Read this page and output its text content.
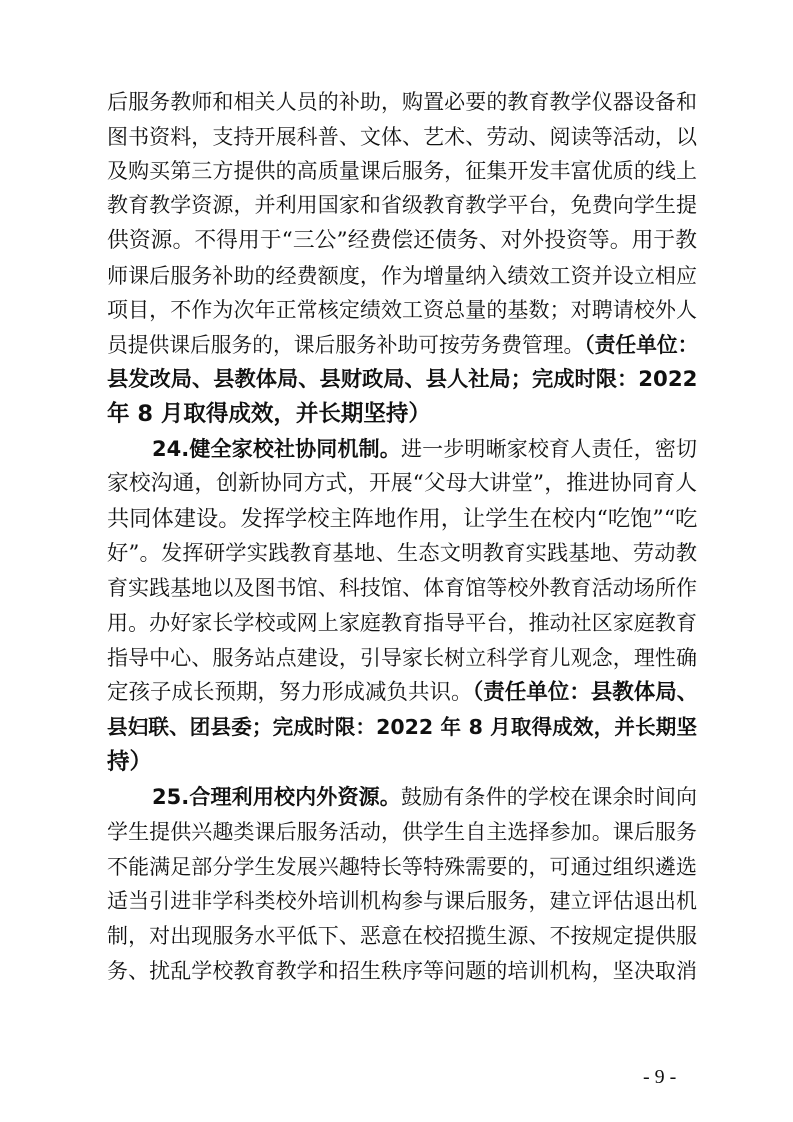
后服务教师和相关人员的补助，购置必要的教育教学仪器设备和
图书资料，支持开展科普、文体、艺术、劳动、阅读等活动，以
及购买第三方提供的高质量课后服务，征集开发丰富优质的线上
教育教学资源，并利用国家和省级教育教学平台，免费向学生提
供资源。不得用于“三公”经费偿还债务、对外投资等。用于教
师课后服务补助的经费额度，作为增量纳入绩效工资并设立相应
项目，不作为次年正常核定绩效工资总量的基数；对聘请校外人
员提供课后服务的，课后服务补助可按劳务费管理。（责任单位：
县发改局、县教体局、县财政局、县人社局；完成时限：2022
年 8 月取得成效，并长期坚持）
24.健全家校社协同机制。进一步明晰家校育人责任，密切
家校沟通，创新协同方式，开展“父母大讲堂”，推进协同育人
共同体建设。发挥学校主阵地作用，让学生在校内“吃饱”“吃
好”。发挥研学实践教育基地、生态文明教育实践基地、劳动教
育实践基地以及图书馆、科技馆、体育馆等校外教育活动场所作
用。办好家长学校或网上家庭教育指导平台，推动社区家庭教育
指导中心、服务站点建设，引导家长树立科学育儿观念，理性确
定孩子成长预期，努力形成减负共识。（责任单位：县教体局、
县妇联、团县委；完成时限：2022 年 8 月取得成效，并长期坚
持）
25.合理利用校内外资源。鼓励有条件的学校在课余时间向
学生提供兴趣类课后服务活动，供学生自主选择参加。课后服务
不能满足部分学生发展兴趣特长等特殊需要的，可通过组织遴选
适当引进非学科类校外培训机构参与课后服务，建立评估退出机
制，对出现服务水平低下、恶意在校招揽生源、不按规定提供服
务、扰乱学校教育教学和招生秩序等问题的培训机构，坚决取消
- 9 -
